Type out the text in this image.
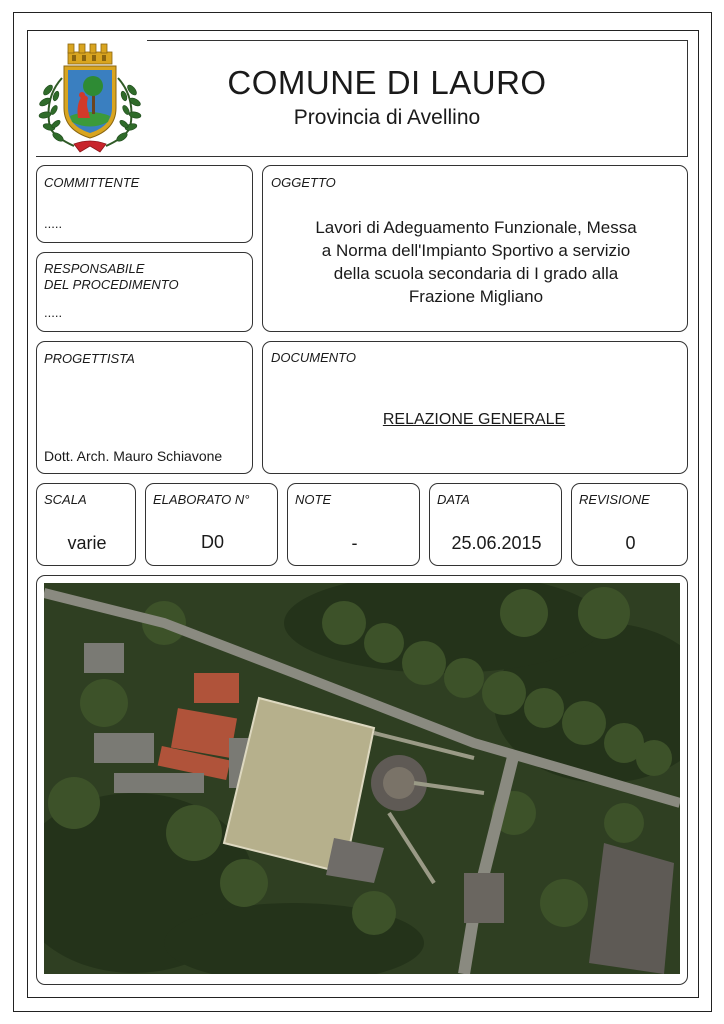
COMUNE DI LAURO
Provincia di Avellino
COMMITTENTE
.....
RESPONSABILE
DEL PROCEDIMENTO
.....
OGGETTO
Lavori di Adeguamento Funzionale, Messa
a Norma dell'Impianto Sportivo a servizio
della scuola secondaria di I grado alla
Frazione Migliano
PROGETTISTA
Dott. Arch. Mauro Schiavone
DOCUMENTO
RELAZIONE GENERALE
SCALA
varie
ELABORATO N°
D0
NOTE
-
DATA
25.06.2015
REVISIONE
0
